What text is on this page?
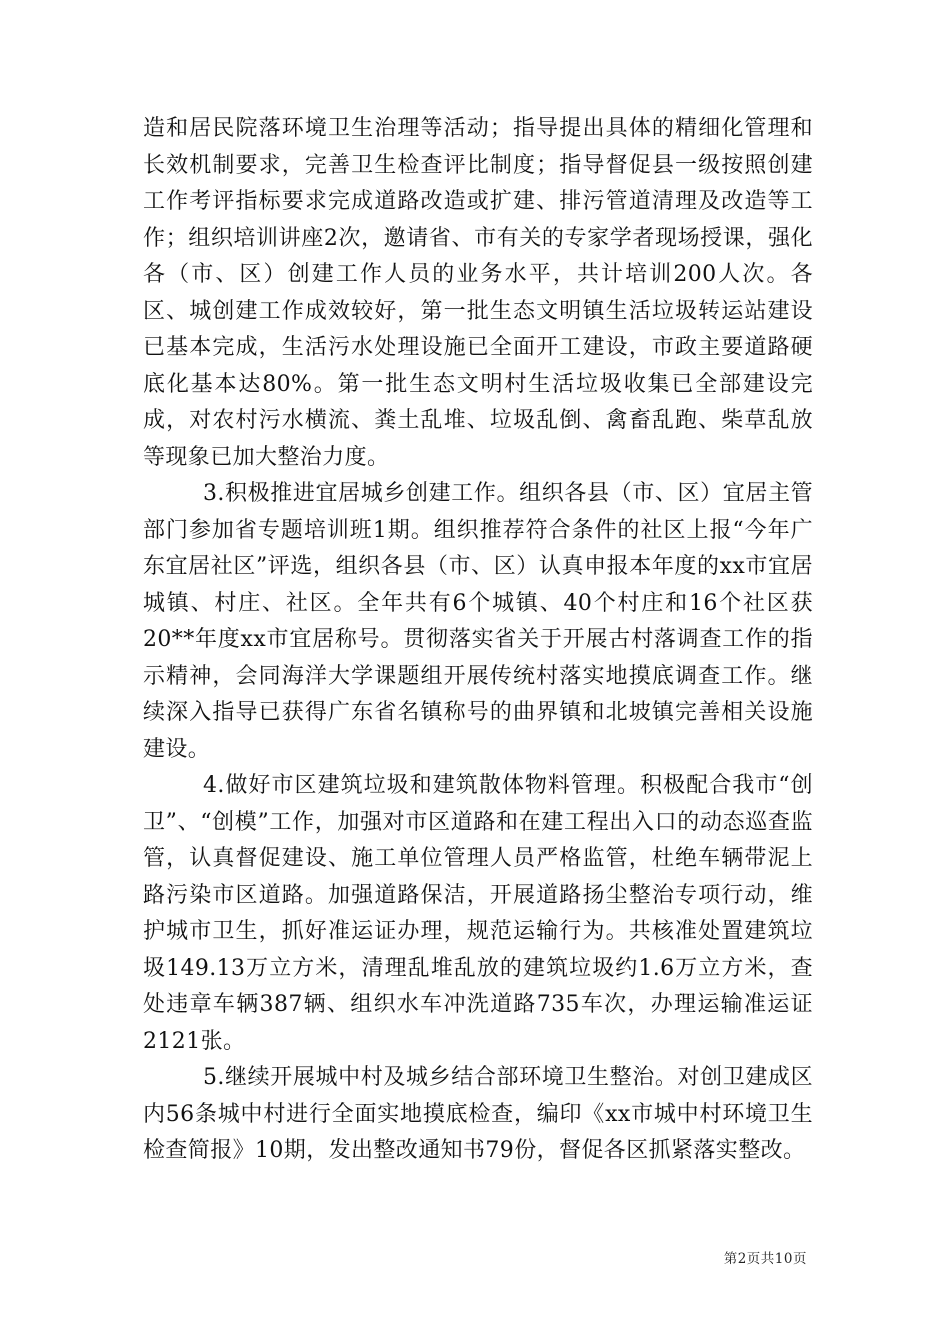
造和居民院落环境卫生治理等活动；指导提出具体的精细化管理和长效机制要求，完善卫生检查评比制度；指导督促县一级按照创建工作考评指标要求完成道路改造或扩建、排污管道清理及改造等工作；组织培训讲座2次，邀请省、市有关的专家学者现场授课，强化各（市、区）创建工作人员的业务水平，共计培训200人次。各区、城创建工作成效较好，第一批生态文明镇生活垃圾转运站建设已基本完成，生活污水处理设施已全面开工建设，市政主要道路硬底化基本达80%。第一批生态文明村生活垃圾收集已全部建设完成，对农村污水横流、粪土乱堆、垃圾乱倒、禽畜乱跑、柴草乱放等现象已加大整治力度。

3.积极推进宜居城乡创建工作。组织各县（市、区）宜居主管部门参加省专题培训班1期。组织推荐符合条件的社区上报“今年广东宜居社区”评选，组织各县（市、区）认真申报本年度的xx市宜居城镇、村庄、社区。全年共有6个城镇、40个村庄和16个社区获20**年度xx市宜居称号。贯彻落实省关于开展古村落调查工作的指示精神，会同海洋大学课题组开展传统村落实地摸底调查工作。继续深入指导已获得广东省名镇称号的曲界镇和北坡镇完善相关设施建设。

4.做好市区建筑垃圾和建筑散体物料管理。积极配合我市“创卫”、“创模”工作，加强对市区道路和在建工程出入口的动态巡查监管，认真督促建设、施工单位管理人员严格监管，杜绝车辆带泥上路污染市区道路。加强道路保洁，开展道路扬尘整治专项行动，维护城市卫生，抓好准运证办理，规范运输行为。共核准处置建筑垃圾149.13万立方米，清理乱堆乱放的建筑垃圾约1.6万立方米，查处违章车辆387辆、组织水车冲洗道路735车次，办理运输准运证2121张。

5.继续开展城中村及城乡结合部环境卫生整治。对创卫建成区内56条城中村进行全面实地摸底检查，编印《xx市城中村环境卫生检查简报》10期，发出整改通知书79份，督促各区抓紧落实整改。

第2页共10页
